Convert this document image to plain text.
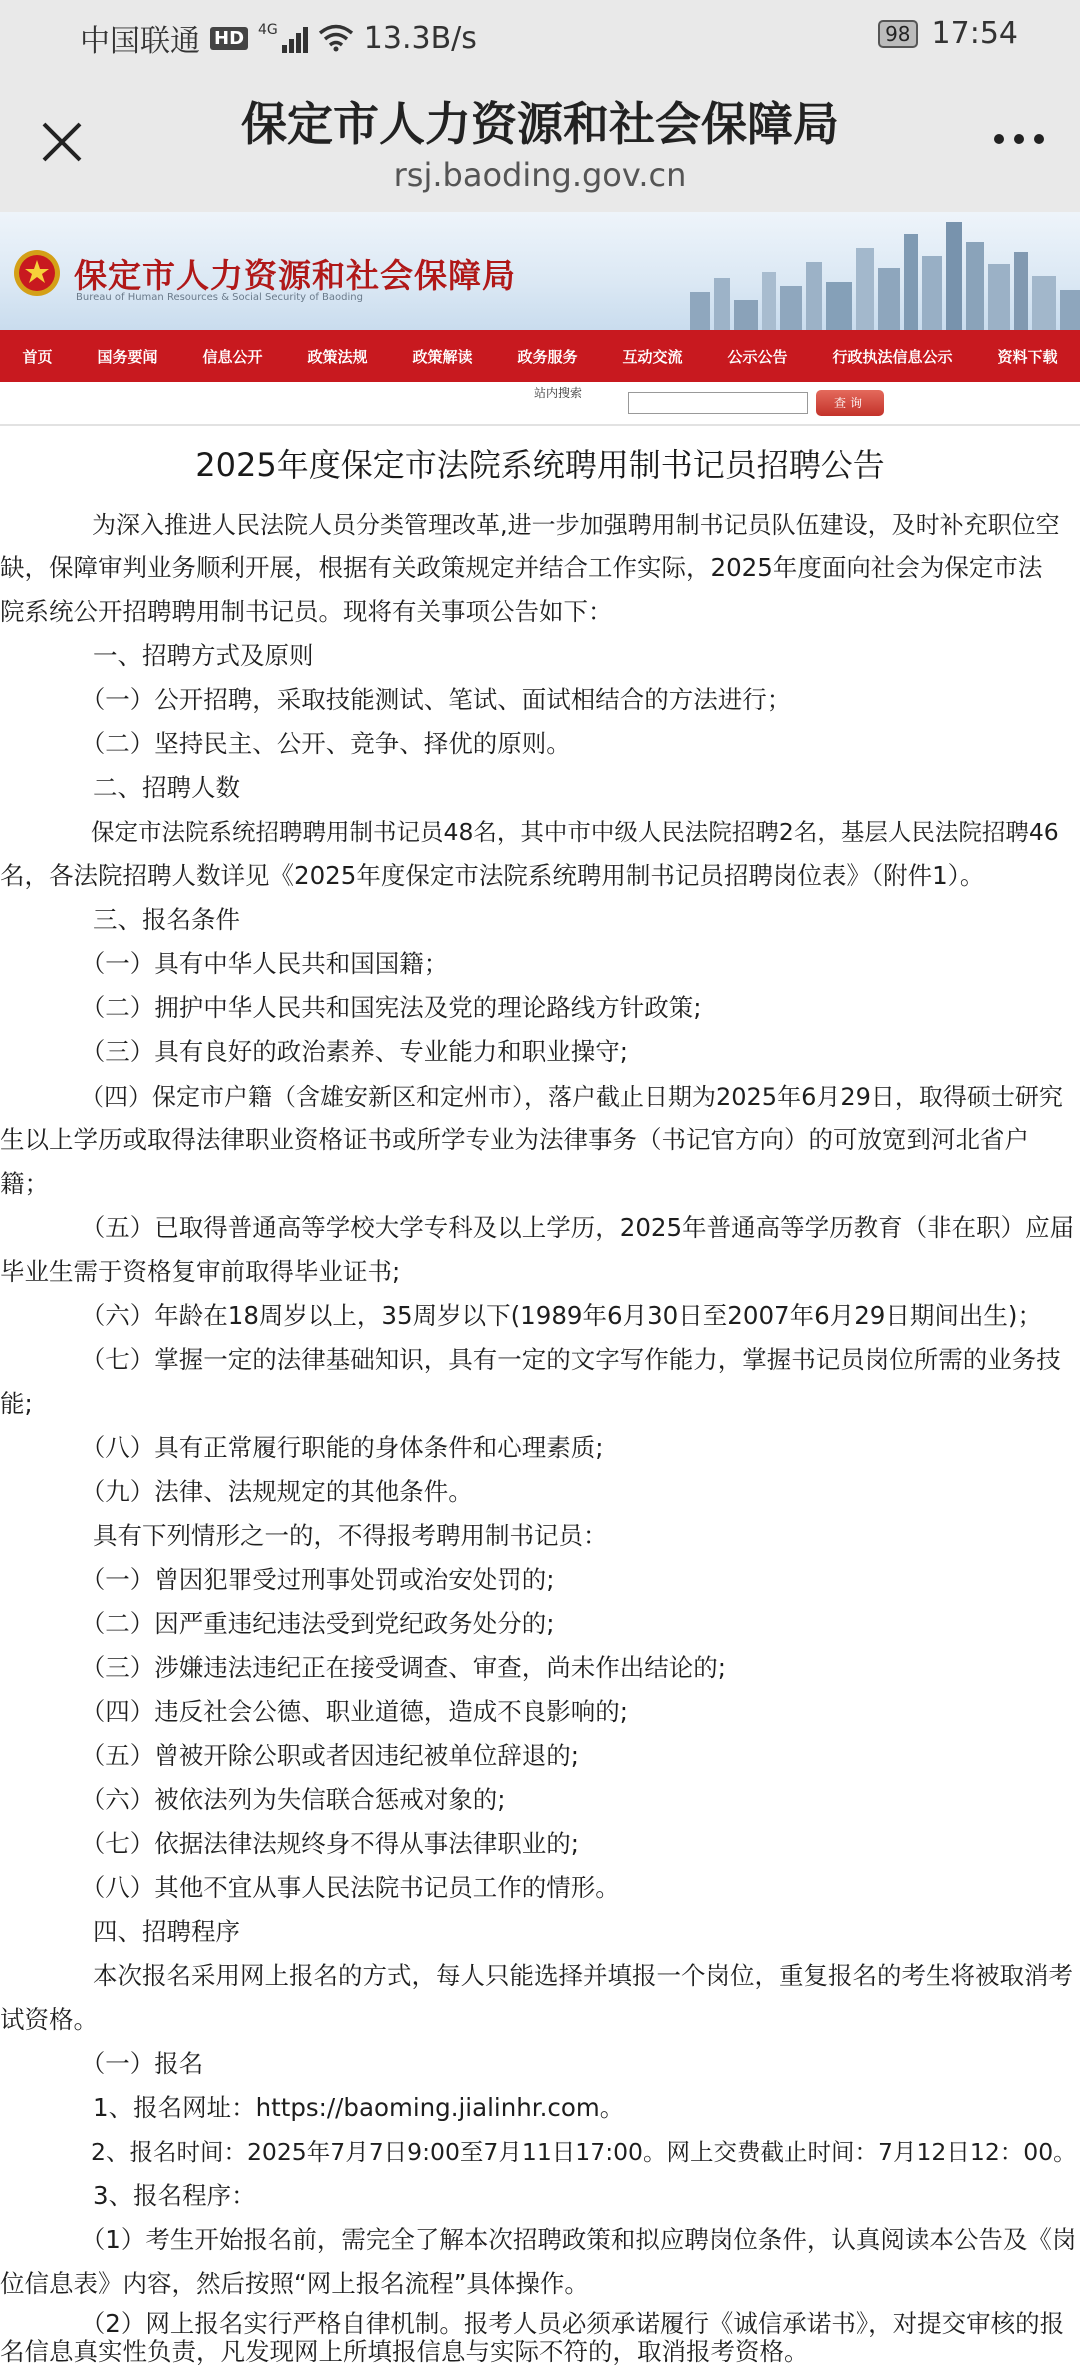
中国联通 HD 4G	13.3B/s	98 17:54
保定市人力资源和社会保障局
rsj.baoding.gov.cn
保定市人力资源和社会保障局
Bureau of Human Resources & Social Security of Baoding
首页	国务要闻	信息公开	政策法规	政策解读	政务服务	互动交流	公示公告	行政执法信息公示	资料下载
站内搜索
查询
2025年度保定市法院系统聘用制书记员招聘公告
　　为深入推进人民法院人员分类管理改革,进一步加强聘用制书记员队伍建设，及时补充职位空
缺，保障审判业务顺利开展，根据有关政策规定并结合工作实际，2025年度面向社会为保定市法
院系统公开招聘聘用制书记员。现将有关事项公告如下：
　　一、招聘方式及原则
　　（一）公开招聘，采取技能测试、笔试、面试相结合的方法进行；
　　（二）坚持民主、公开、竞争、择优的原则。
　　二、招聘人数
　　保定市法院系统招聘聘用制书记员48名，其中市中级人民法院招聘2名，基层人民法院招聘46
名，各法院招聘人数详见《2025年度保定市法院系统聘用制书记员招聘岗位表》（附件1）。
　　三、报名条件
　　（一）具有中华人民共和国国籍；
　　（二）拥护中华人民共和国宪法及党的理论路线方针政策;
　　（三）具有良好的政治素养、专业能力和职业操守;
　　（四）保定市户籍（含雄安新区和定州市），落户截止日期为2025年6月29日，取得硕士研究
生以上学历或取得法律职业资格证书或所学专业为法律事务（书记官方向）的可放宽到河北省户
籍；
　　（五）已取得普通高等学校大学专科及以上学历，2025年普通高等学历教育（非在职）应届
毕业生需于资格复审前取得毕业证书;
　　（六）年龄在18周岁以上，35周岁以下(1989年6月30日至2007年6月29日期间出生)；
　　（七）掌握一定的法律基础知识，具有一定的文字写作能力，掌握书记员岗位所需的业务技
能;
　　（八）具有正常履行职能的身体条件和心理素质;
　　（九）法律、法规规定的其他条件。
　　具有下列情形之一的，不得报考聘用制书记员：
　　（一）曾因犯罪受过刑事处罚或治安处罚的;
　　（二）因严重违纪违法受到党纪政务处分的;
　　（三）涉嫌违法违纪正在接受调查、审查，尚未作出结论的;
　　（四）违反社会公德、职业道德，造成不良影响的;
　　（五）曾被开除公职或者因违纪被单位辞退的;
　　（六）被依法列为失信联合惩戒对象的;
　　（七）依据法律法规终身不得从事法律职业的;
　　（八）其他不宜从事人民法院书记员工作的情形。
　　四、招聘程序
　　本次报名采用网上报名的方式，每人只能选择并填报一个岗位，重复报名的考生将被取消考
试资格。
　　（一）报名
　　1、报名网址：https://baoming.jialinhr.com。
　　2、报名时间：2025年7月7日9:00至7月11日17:00。网上交费截止时间：7月12日12：00。
　　3、报名程序：
　　（1）考生开始报名前，需完全了解本次招聘政策和拟应聘岗位条件，认真阅读本公告及《岗
位信息表》内容，然后按照“网上报名流程”具体操作。
　　（2）网上报名实行严格自律机制。报考人员必须承诺履行《诚信承诺书》，对提交审核的报
名信息真实性负责，凡发现网上所填报信息与实际不符的，取消报考资格。
